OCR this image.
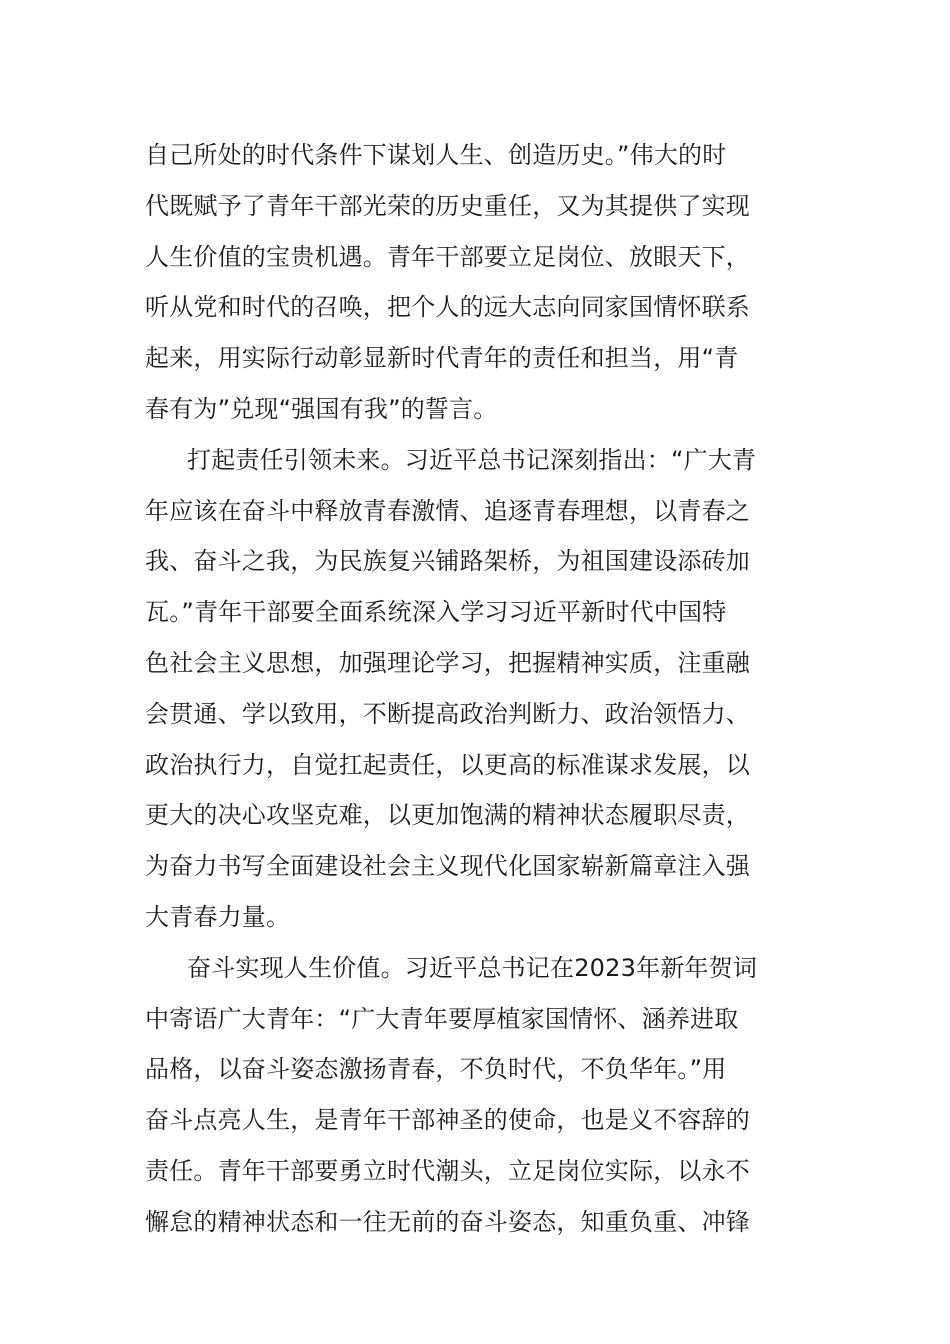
自己所处的时代条件下谋划人生、创造历史。”伟大的时
代既赋予了青年干部光荣的历史重任，又为其提供了实现
人生价值的宝贵机遇。青年干部要立足岗位、放眼天下，
听从党和时代的召唤，把个人的远大志向同家国情怀联系
起来，用实际行动彰显新时代青年的责任和担当，用“青
春有为”兑现“强国有我”的誓言。
打起责任引领未来。习近平总书记深刻指出：“广大青
年应该在奋斗中释放青春激情、追逐青春理想，以青春之
我、奋斗之我，为民族复兴铺路架桥，为祖国建设添砖加
瓦。”青年干部要全面系统深入学习习近平新时代中国特
色社会主义思想，加强理论学习，把握精神实质，注重融
会贯通、学以致用，不断提高政治判断力、政治领悟力、
政治执行力，自觉扛起责任，以更高的标准谋求发展，以
更大的决心攻坚克难，以更加饱满的精神状态履职尽责，
为奋力书写全面建设社会主义现代化国家崭新篇章注入强
大青春力量。
奋斗实现人生价值。习近平总书记在2023年新年贺词
中寄语广大青年：“广大青年要厚植家国情怀、涵养进取
品格，以奋斗姿态激扬青春，不负时代，不负华年。”用
奋斗点亮人生，是青年干部神圣的使命，也是义不容辞的
责任。青年干部要勇立时代潮头，立足岗位实际，以永不
懈怠的精神状态和一往无前的奋斗姿态，知重负重、冲锋
